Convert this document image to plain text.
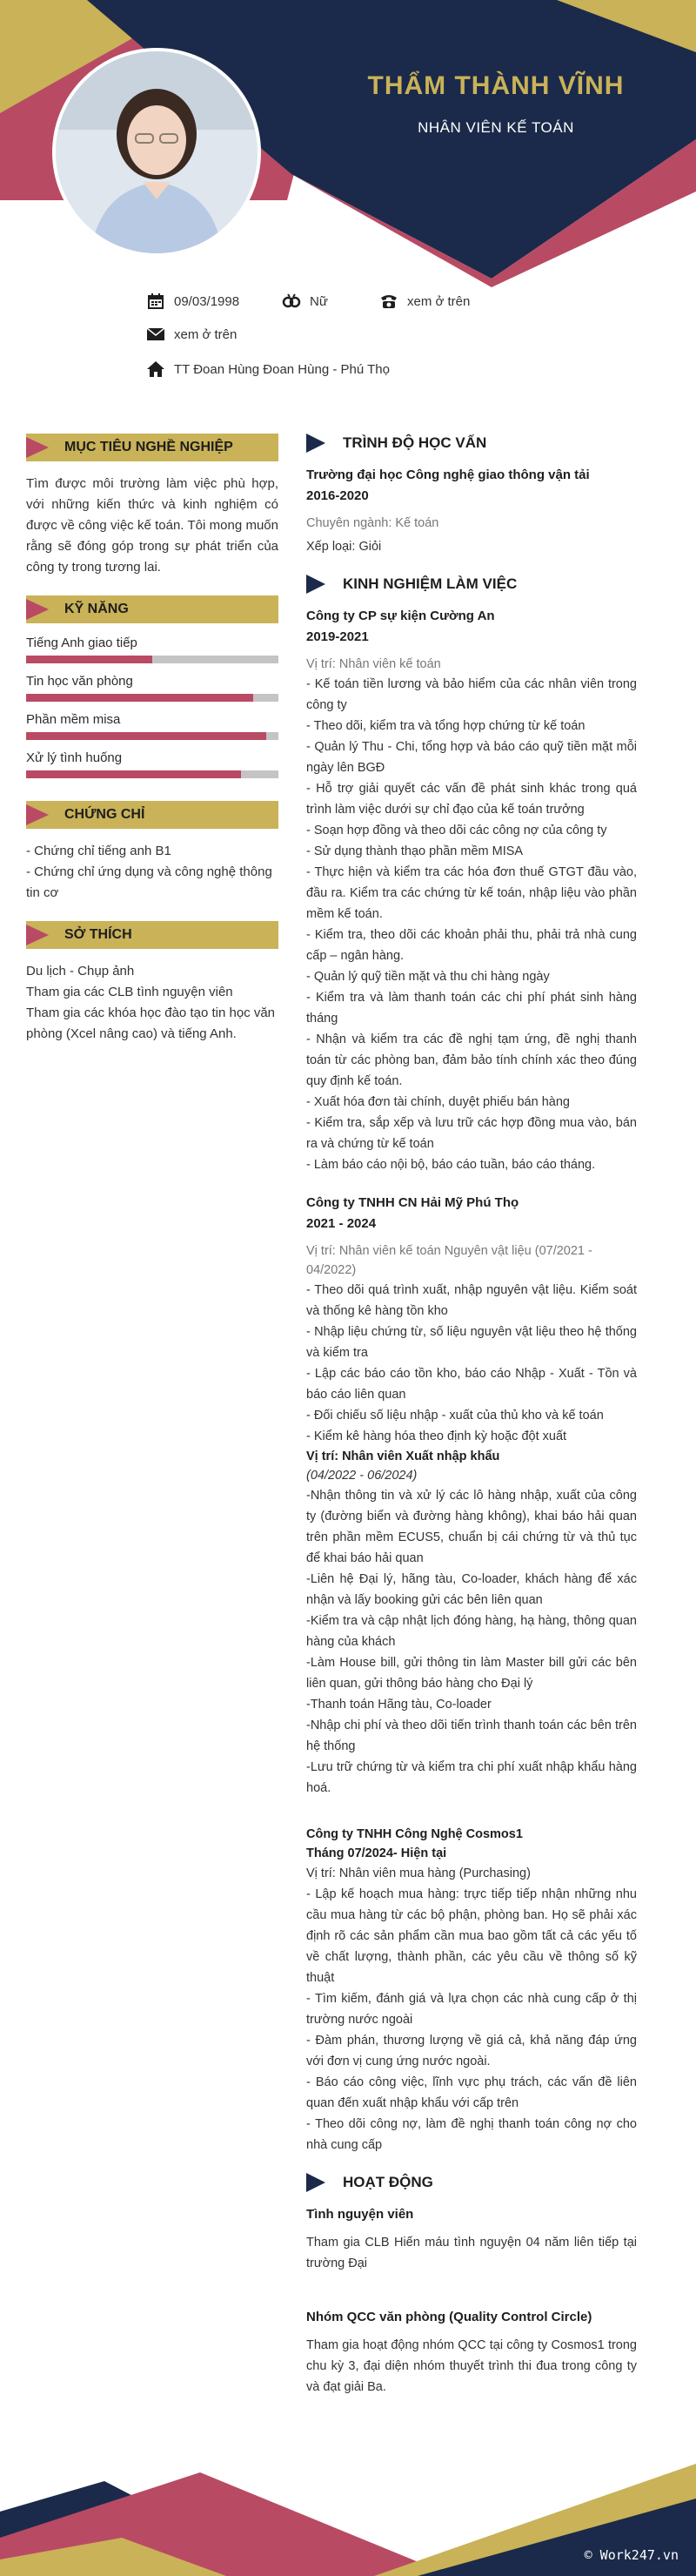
THẨM THÀNH VĨNH
NHÂN VIÊN KẾ TOÁN
09/03/1998	Nữ	xem ở trên
xem ở trên
TT Đoan Hùng Đoan Hùng - Phú Thọ
MỤC TIÊU NGHỀ NGHIỆP
Tìm được môi trường làm việc phù hợp, với những kiến thức và kinh nghiệm có được về công việc kế toán. Tôi mong muốn rằng sẽ đóng góp trong sự phát triển của công ty trong tương lai.
KỸ NĂNG
Tiếng Anh giao tiếp
Tin học văn phòng
Phần mềm misa
Xử lý tình huống
CHỨNG CHỈ
- Chứng chỉ tiếng anh B1
- Chứng chỉ ứng dụng và công nghệ thông tin cơ
SỞ THÍCH
Du lịch - Chụp ảnh
Tham gia các CLB tình nguyện viên
Tham gia các khóa học đào tạo tin học văn phòng (Xcel nâng cao) và tiếng Anh.
TRÌNH ĐỘ HỌC VẤN
Trường đại học Công nghệ giao thông vận tải
2016-2020
Chuyên ngành: Kế toán
Xếp loại: Giỏi
KINH NGHIỆM LÀM VIỆC
Công ty CP sự kiện Cường An
2019-2021
Vị trí: Nhân viên kế toán
- Kế toán tiền lương và bảo hiểm của các nhân viên trong công ty
- Theo dõi, kiểm tra và tổng hợp chứng từ kế toán
- Quản lý Thu - Chi, tổng hợp và báo cáo quỹ tiền mặt mỗi ngày lên BGĐ
- Hỗ trợ giải quyết các vấn đề phát sinh khác trong quá trình làm việc dưới sự chỉ đạo của kế toán trưởng
- Soạn hợp đồng và theo dõi các công nợ của công ty
- Sử dụng thành thạo phần mềm MISA
- Thực hiện và kiểm tra các hóa đơn thuế GTGT đầu vào, đầu ra. Kiểm tra các chứng từ kế toán, nhập liệu vào phần mềm kế toán.
- Kiểm tra, theo dõi các khoản phải thu, phải trả nhà cung cấp – ngân hàng.
- Quản lý quỹ tiền mặt và thu chi hàng ngày
- Kiểm tra và làm thanh toán các chi phí phát sinh hàng tháng
- Nhận và kiểm tra các đề nghị tạm ứng, đề nghị thanh toán từ các phòng ban, đảm bảo tính chính xác theo đúng quy định kế toán.
- Xuất hóa đơn tài chính, duyệt phiếu bán hàng
- Kiểm tra, sắp xếp và lưu trữ các hợp đồng mua vào, bán ra và chứng từ kế toán
- Làm báo cáo nội bộ, báo cáo tuần, báo cáo tháng.
Công ty TNHH CN Hải Mỹ Phú Thọ
2021 - 2024
Vị trí: Nhân viên kế toán Nguyên vật liệu (07/2021 - 04/2022)
- Theo dõi quá trình xuất, nhập nguyên vật liệu. Kiểm soát và thống kê hàng tồn kho
- Nhập liệu chứng từ, số liệu nguyên vật liệu theo hệ thống và kiểm tra
- Lập các báo cáo tồn kho, báo cáo Nhập - Xuất - Tồn và báo cáo liên quan
- Đối chiếu số liệu nhập - xuất của thủ kho và kế toán
- Kiểm kê hàng hóa theo định kỳ hoặc đột xuất
Vị trí: Nhân viên Xuất nhập khẩu
(04/2022 - 06/2024)
-Nhận thông tin và xử lý các lô hàng nhập, xuất của công ty (đường biển và đường hàng không), khai báo hải quan trên phần mềm ECUS5, chuẩn bị cái chứng từ và thủ tục để khai báo hải quan
-Liên hệ Đại lý, hãng tàu, Co-loader, khách hàng để xác nhận và lấy booking gửi các bên liên quan
-Kiểm tra và cập nhật lịch đóng hàng, hạ hàng, thông quan hàng của khách
-Làm House bill, gửi thông tin làm Master bill gửi các bên liên quan, gửi thông báo hàng cho Đại lý
-Thanh toán Hãng tàu, Co-loader
-Nhập chi phí và theo dõi tiến trình thanh toán các bên trên hệ thống
-Lưu trữ chứng từ và kiểm tra chi phí xuất nhập khẩu hàng hoá.
Công ty TNHH Công Nghệ Cosmos1
Tháng 07/2024- Hiện tại
Vị trí: Nhân viên mua hàng (Purchasing)
- Lập kế hoạch mua hàng: trực tiếp tiếp nhận những nhu cầu mua hàng từ các bộ phận, phòng ban. Họ sẽ phải xác định rõ các sản phẩm cần mua bao gồm tất cả các yếu tố về chất lượng, thành phần, các yêu cầu về thông số kỹ thuật
- Tìm kiếm, đánh giá và lựa chọn các nhà cung cấp ở thị trường nước ngoài
- Đàm phán, thương lượng về giá cả, khả năng đáp ứng với đơn vị cung ứng nước ngoài.
- Báo cáo công việc, lĩnh vực phụ trách, các vấn đề liên quan đến xuất nhập khẩu với cấp trên
- Theo dõi công nợ, làm đề nghị thanh toán công nợ cho nhà cung cấp
HOẠT ĐỘNG
Tình nguyện viên
Tham gia CLB Hiến máu tình nguyện 04 năm liên tiếp tại trường Đại
Nhóm QCC văn phòng (Quality Control Circle)
Tham gia hoạt động nhóm QCC tại công ty Cosmos1 trong chu kỳ 3, đại diện nhóm thuyết trình thi đua trong công ty và đạt giải Ba.
© Work247.vn
